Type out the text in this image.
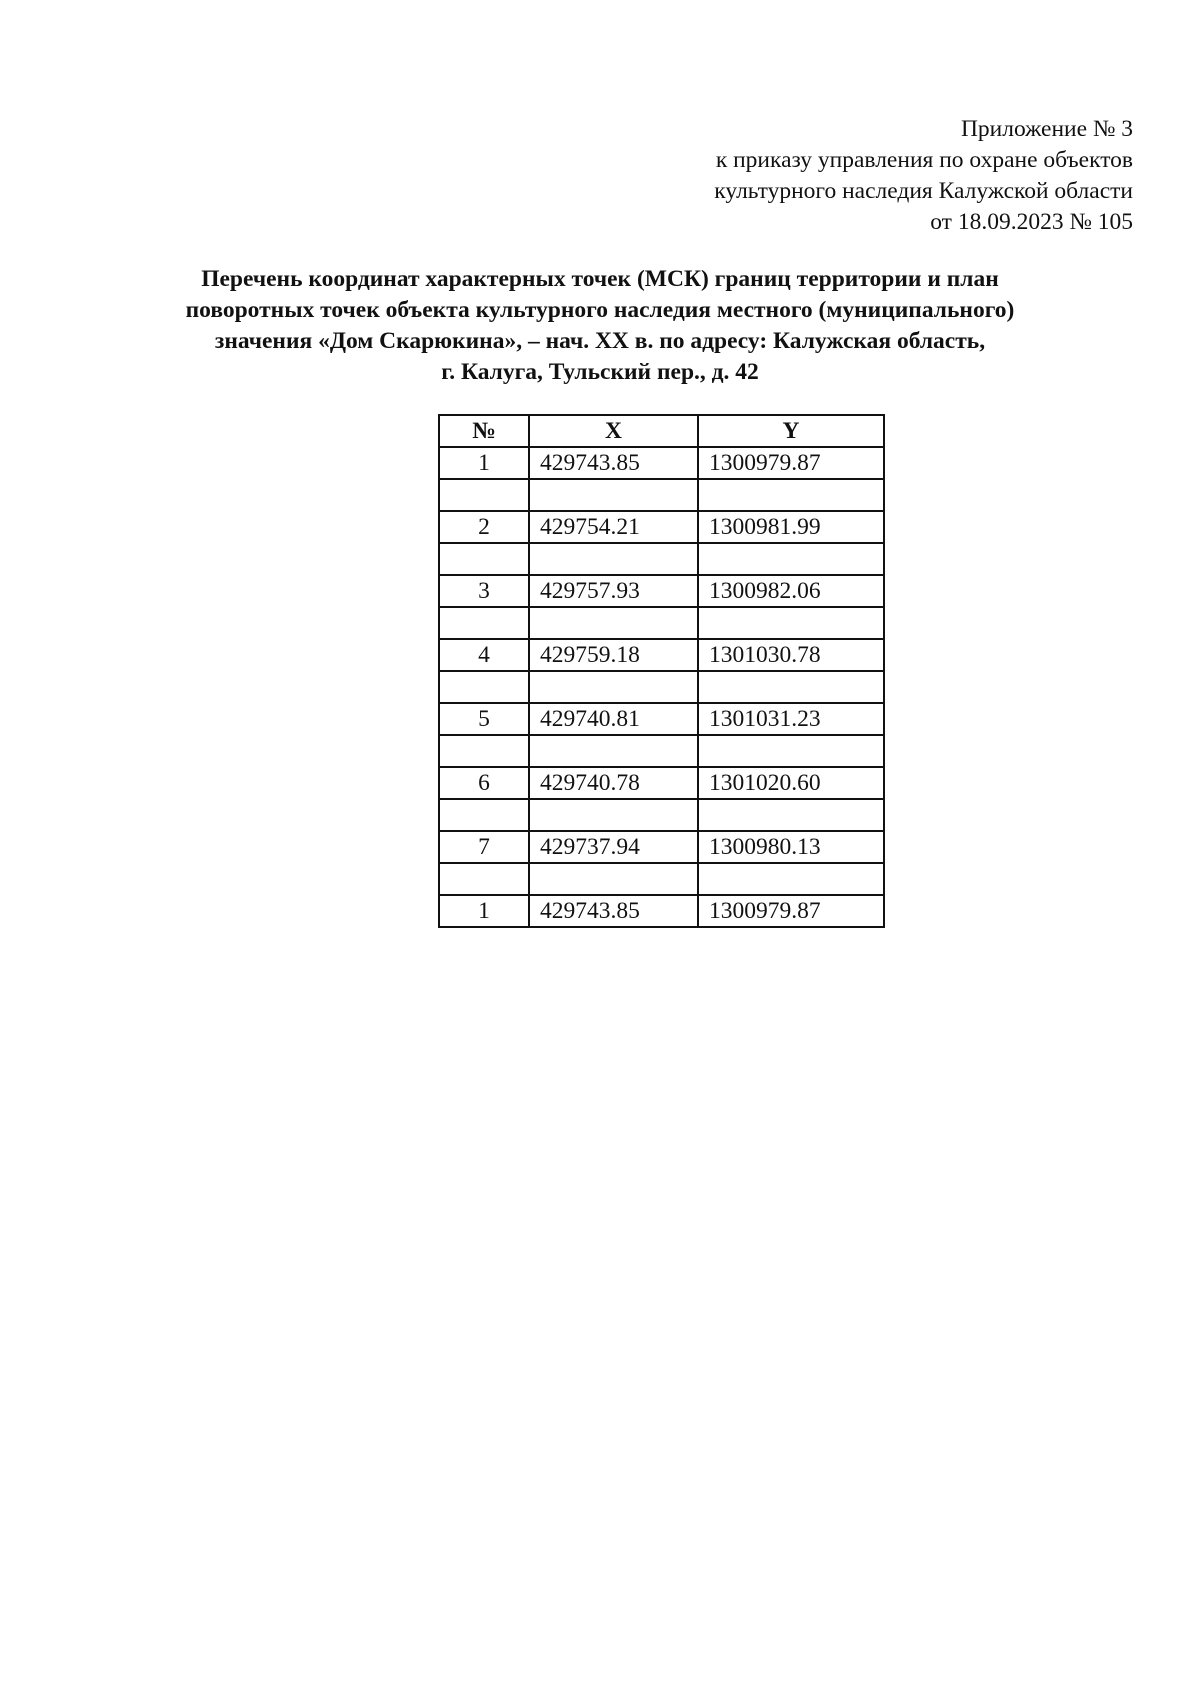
Приложение № 3
к приказу управления по охране объектов
культурного наследия Калужской области
от 18.09.2023 № 105
Перечень координат характерных точек (МСК) границ территории и план
поворотных точек объекта культурного наследия местного (муниципального)
значения «Дом Скарюкина», – нач. XX в. по адресу: Калужская область,
г. Калуга, Тульский пер., д. 42
№	X	Y
1	429743.85	1300979.87

2	429754.21	1300981.99

3	429757.93	1300982.06

4	429759.18	1301030.78

5	429740.81	1301031.23

6	429740.78	1301020.60

7	429737.94	1300980.13

1	429743.85	1300979.87
